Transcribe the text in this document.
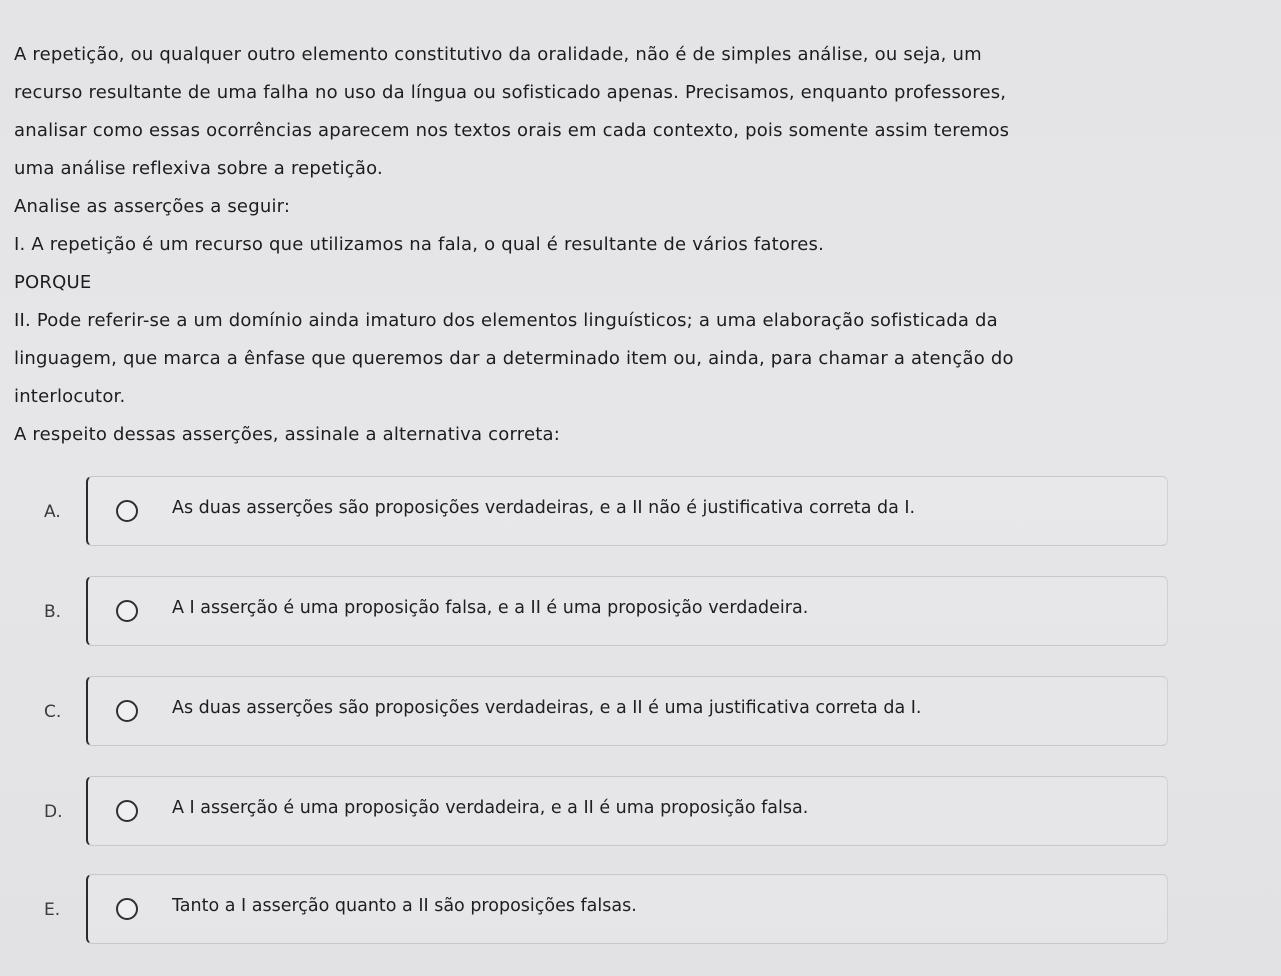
A repetição, ou qualquer outro elemento constitutivo da oralidade, não é de simples análise, ou seja, um
recurso resultante de uma falha no uso da língua ou sofisticado apenas. Precisamos, enquanto professores,
analisar como essas ocorrências aparecem nos textos orais em cada contexto, pois somente assim teremos
uma análise reflexiva sobre a repetição.

Analise as asserções a seguir:

I. A repetição é um recurso que utilizamos na fala, o qual é resultante de vários fatores.

PORQUE

II. Pode referir-se a um domínio ainda imaturo dos elementos linguísticos; a uma elaboração sofisticada da
linguagem, que marca a ênfase que queremos dar a determinado item ou, ainda, para chamar a atenção do
interlocutor.

A respeito dessas asserções, assinale a alternativa correta:

A.	As duas asserções são proposições verdadeiras, e a II não é justificativa correta da I.
B.	A I asserção é uma proposição falsa, e a II é uma proposição verdadeira.
C.	As duas asserções são proposições verdadeiras, e a II é uma justificativa correta da I.
D.	A I asserção é uma proposição verdadeira, e a II é uma proposição falsa.
E.	Tanto a I asserção quanto a II são proposições falsas.
